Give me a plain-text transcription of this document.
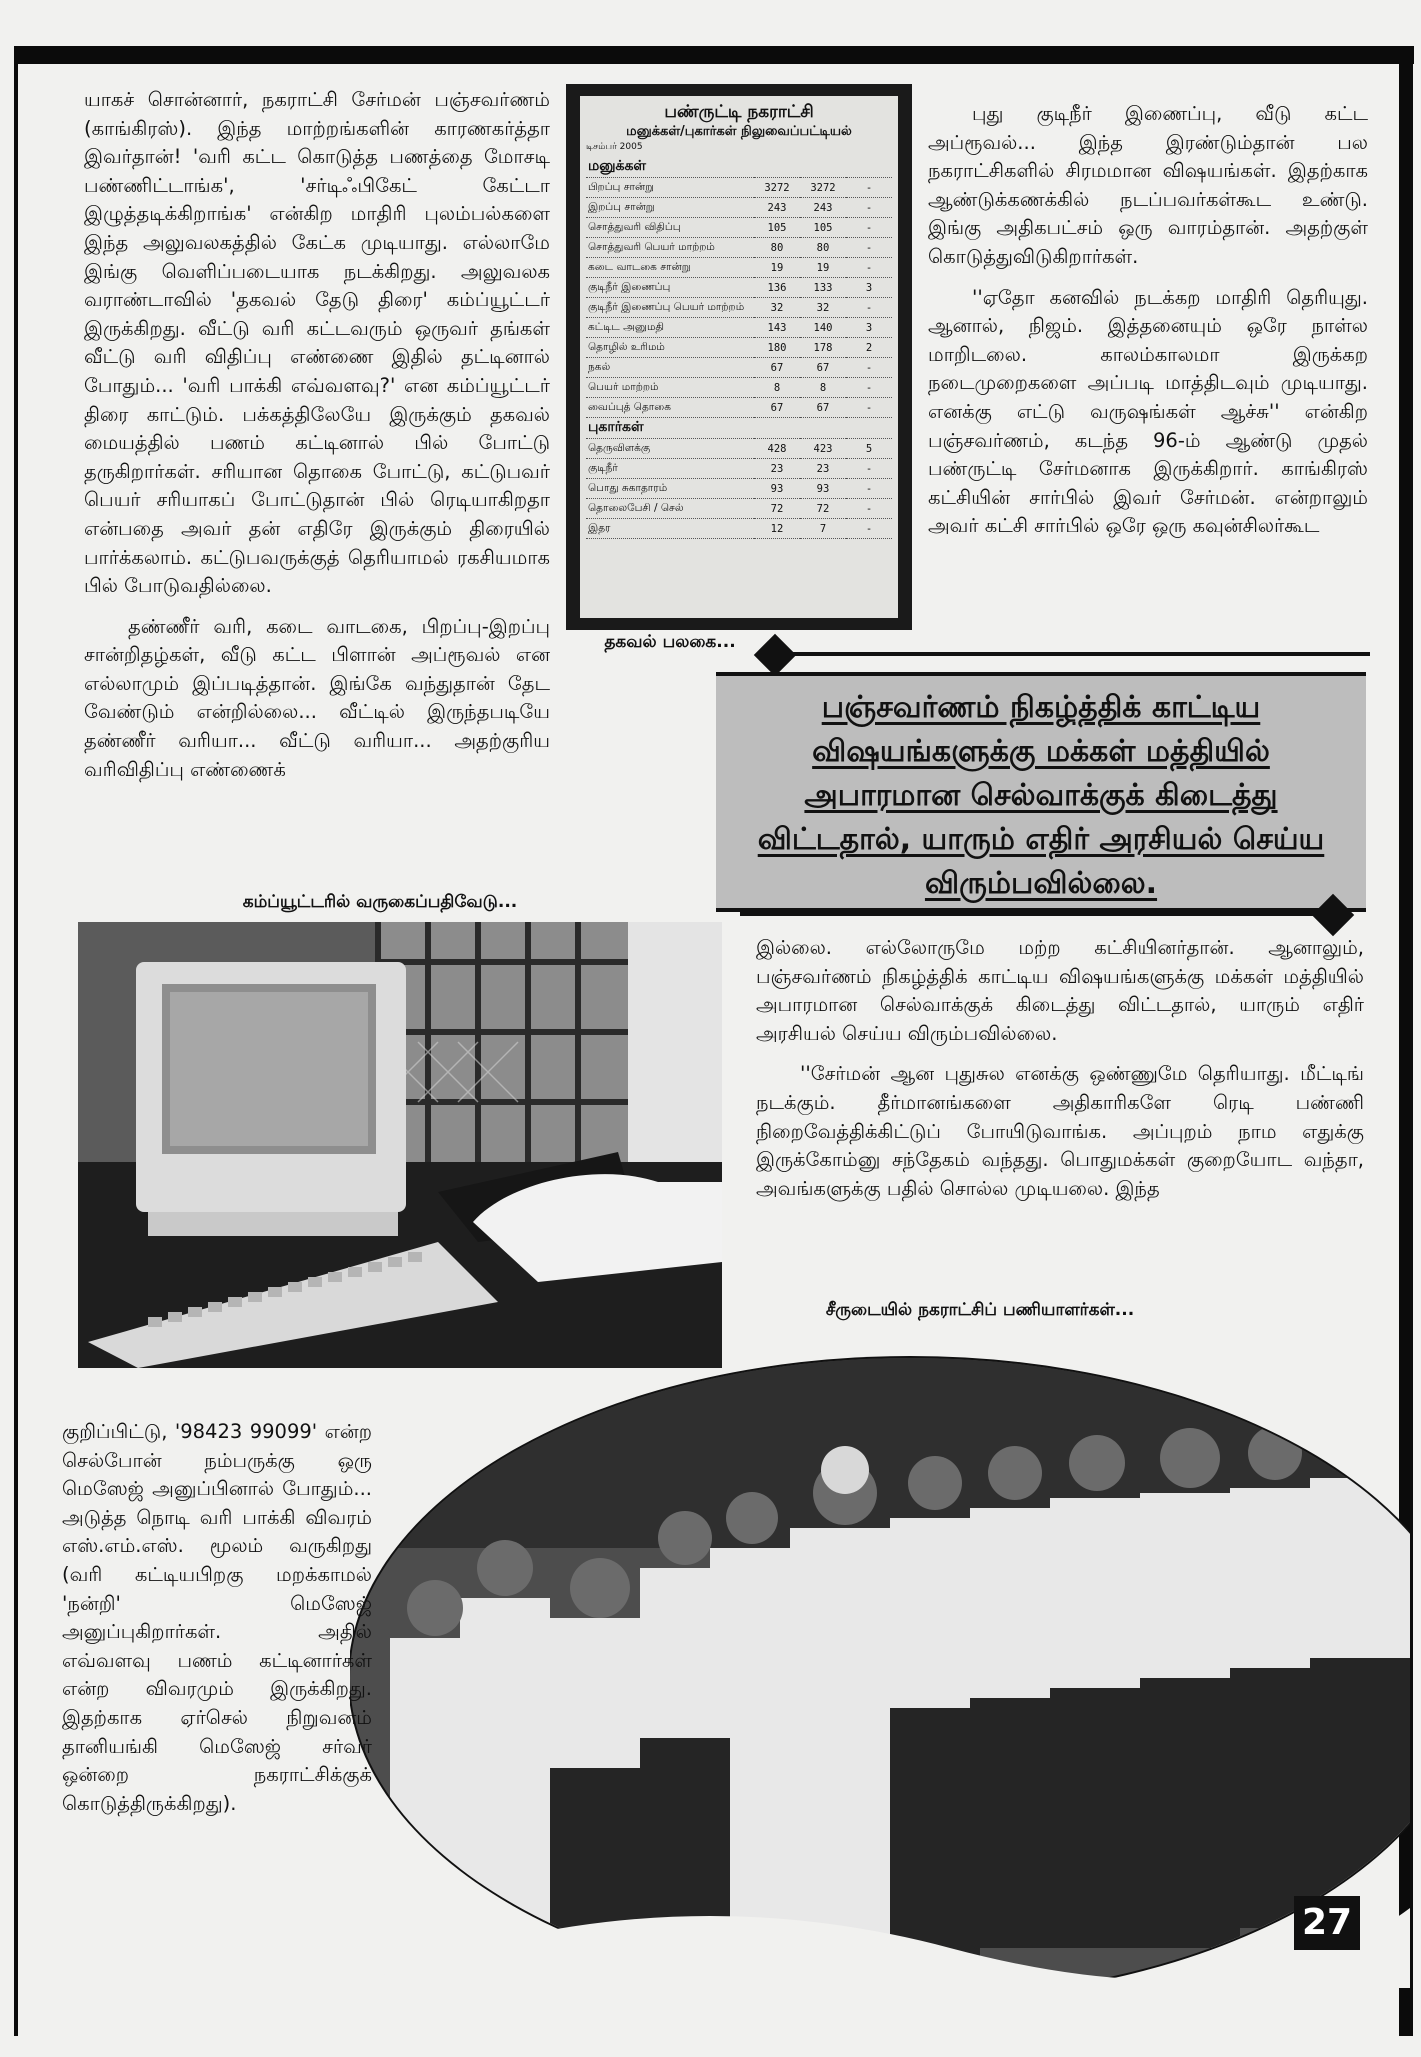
யாகச் சொன்னார், நகராட்சி சேர்மன் பஞ்சவர்ணம் (காங்கிரஸ்). இந்த மாற்றங்களின் காரணகர்த்தா இவர்தான்! 'வரி கட்ட கொடுத்த பணத்தை மோசடி பண்ணிட்டாங்க', 'சர்டிஃபிகேட் கேட்டா இழுத்தடிக்கிறாங்க' என்கிற மாதிரி புலம்பல்களை இந்த அலுவலகத்தில் கேட்க முடியாது. எல்லாமே இங்கு வெளிப்படையாக நடக்கிறது. அலுவலக வராண்டாவில் 'தகவல் தேடு திரை' கம்ப்யூட்டர் இருக்கிறது. வீட்டு வரி கட்டவரும் ஒருவர் தங்கள் வீட்டு வரி விதிப்பு எண்ணை இதில் தட்டினால் போதும்... 'வரி பாக்கி எவ்வளவு?' என கம்ப்யூட்டர் திரை காட்டும். பக்கத்திலேயே இருக்கும் தகவல் மையத்தில் பணம் கட்டினால் பில் போட்டு தருகிறார்கள். சரியான தொகை போட்டு, கட்டுபவர் பெயர் சரியாகப் போட்டுதான் பில் ரெடியாகிறதா என்பதை அவர் தன் எதிரே இருக்கும் திரையில் பார்க்கலாம். கட்டுபவருக்குத் தெரியாமல் ரகசியமாக பில் போடுவதில்லை.

தண்ணீர் வரி, கடை வாடகை, பிறப்பு-இறப்பு சான்றிதழ்கள், வீடு கட்ட பிளான் அப்ரூவல் என எல்லாமும் இப்படித்தான். இங்கே வந்துதான் தேட வேண்டும் என்றில்லை... வீட்டில் இருந்தபடியே தண்ணீர் வரியா... வீட்டு வரியா... அதற்குரிய வரிவிதிப்பு எண்ணைக்

பண்ருட்டி நகராட்சி
மனுக்கள்/புகார்கள் நிலுவைப்பட்டியல்
டிசம்பர் 2005
மனுக்கள்			
பிறப்பு சான்று	3272	3272	-
இறப்பு சான்று	243	243	-
சொத்துவரி விதிப்பு	105	105	-
சொத்துவரி பெயர் மாற்றம்	80	80	-
கடை வாடகை சான்று	19	19	-
குடிநீர் இணைப்பு	136	133	3
குடிநீர் இணைப்பு பெயர் மாற்றம்	32	32	-
கட்டிட அனுமதி	143	140	3
தொழில் உரிமம்	180	178	2
நகல்	67	67	-
பெயர் மாற்றம்	8	8	-
வைப்புத் தொகை	67	67	-
புகார்கள்			
தெருவிளக்கு	428	423	5
குடிநீர்	23	23	-
பொது சுகாதாரம்	93	93	-
தொலைபேசி / செல்	72	72	-
இதர	12	7	-
தகவல் பலகை...

புது குடிநீர் இணைப்பு, வீடு கட்ட அப்ரூவல்... இந்த இரண்டும்தான் பல நகராட்சிகளில் சிரமமான விஷயங்கள். இதற்காக ஆண்டுக்கணக்கில் நடப்பவர்கள்கூட உண்டு. இங்கு அதிகபட்சம் ஒரு வாரம்தான். அதற்குள் கொடுத்துவிடுகிறார்கள்.

''ஏதோ கனவில் நடக்கற மாதிரி தெரியுது. ஆனால், நிஜம். இத்தனையும் ஒரே நாள்ல மாறிடலை. காலம்காலமா இருக்கற நடைமுறைகளை அப்படி மாத்திடவும் முடியாது. எனக்கு எட்டு வருஷங்கள் ஆச்சு'' என்கிற பஞ்சவர்ணம், கடந்த 96-ம் ஆண்டு முதல் பண்ருட்டி சேர்மனாக இருக்கிறார். காங்கிரஸ் கட்சியின் சார்பில் இவர் சேர்மன். என்றாலும் அவர் கட்சி சார்பில் ஒரே ஒரு கவுன்சிலர்கூட

பஞ்சவர்ணம் நிகழ்த்திக் காட்டிய விஷயங்களுக்கு மக்கள் மத்தியில் அபாரமான செல்வாக்குக் கிடைத்து விட்டதால், யாரும் எதிர் அரசியல் செய்ய விரும்பவில்லை.

இல்லை. எல்லோருமே மற்ற கட்சியினர்தான். ஆனாலும், பஞ்சவர்ணம் நிகழ்த்திக் காட்டிய விஷயங்களுக்கு மக்கள் மத்தியில் அபாரமான செல்வாக்குக் கிடைத்து விட்டதால், யாரும் எதிர் அரசியல் செய்ய விரும்பவில்லை.

''சேர்மன் ஆன புதுசுல எனக்கு ஒண்ணுமே தெரியாது. மீட்டிங் நடக்கும். தீர்மானங்களை அதிகாரிகளே ரெடி பண்ணி நிறைவேத்திக்கிட்டுப் போயிடுவாங்க. அப்புறம் நாம எதுக்கு இருக்கோம்னு சந்தேகம் வந்தது. பொதுமக்கள் குறையோட வந்தா, அவங்களுக்கு பதில் சொல்ல முடியலை. இந்த

கம்ப்யூட்டரில் வருகைப்பதிவேடு...
சீருடையில் நகராட்சிப் பணியாளர்கள்...

குறிப்பிட்டு, '98423 99099' என்ற செல்போன் நம்பருக்கு ஒரு மெஸேஜ் அனுப்பினால் போதும்... அடுத்த நொடி வரி பாக்கி விவரம் எஸ்.எம்.எஸ். மூலம் வருகிறது (வரி கட்டியபிறகு மறக்காமல் 'நன்றி' மெஸேஜ் அனுப்புகிறார்கள். அதில் எவ்வளவு பணம் கட்டினார்கள் என்ற விவரமும் இருக்கிறது. இதற்காக ஏர்செல் நிறுவனம் தானியங்கி மெஸேஜ் சர்வர் ஒன்றை நகராட்சிக்குக் கொடுத்திருக்கிறது).

27
